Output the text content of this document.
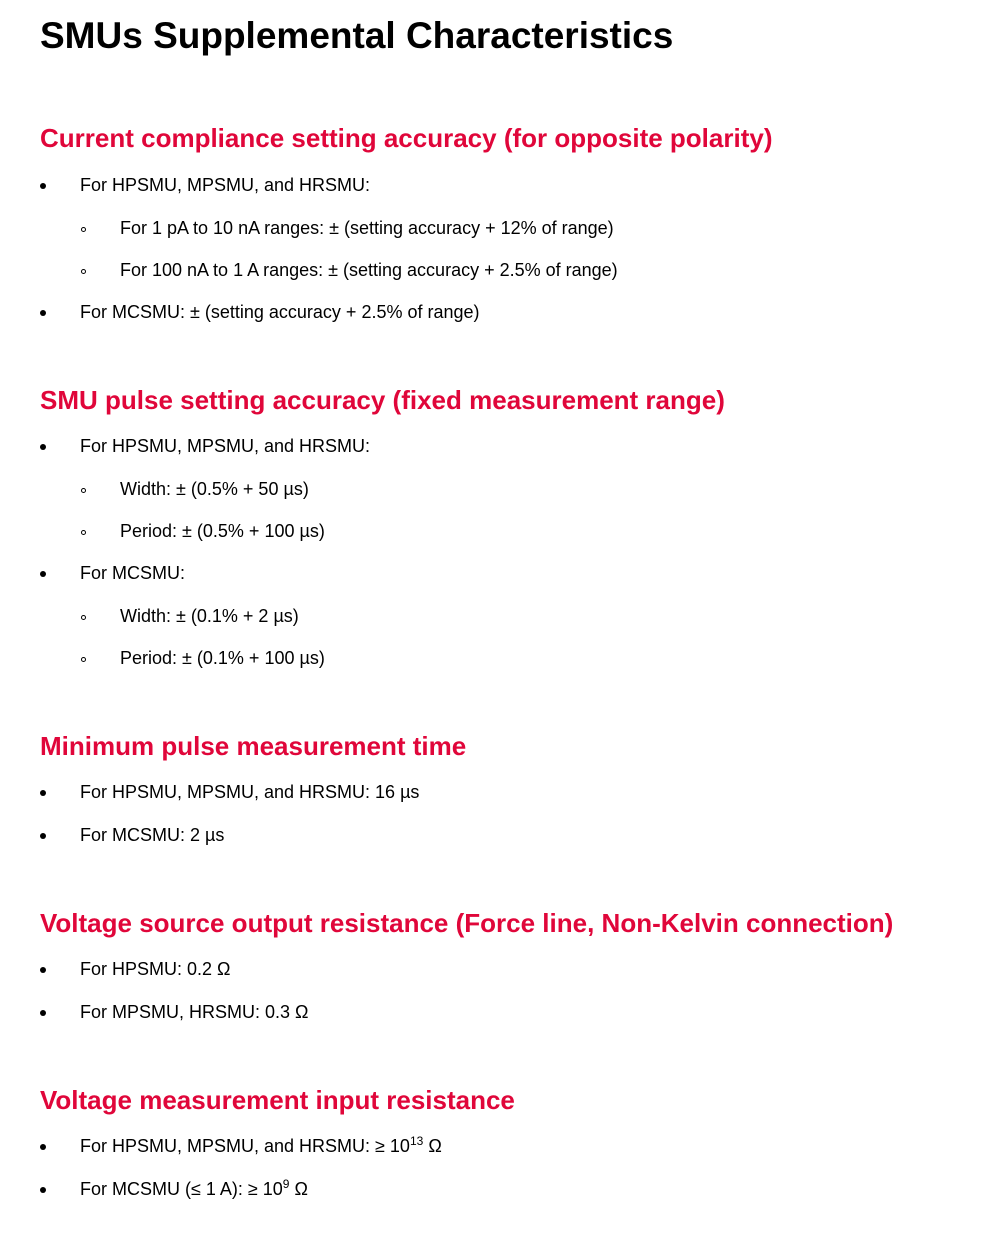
SMUs Supplemental Characteristics
Current compliance setting accuracy (for opposite polarity)
For HPSMU, MPSMU, and HRSMU:
For 1 pA to 10 nA ranges: ± (setting accuracy + 12% of range)
For 100 nA to 1 A ranges: ± (setting accuracy + 2.5% of range)
For MCSMU: ± (setting accuracy + 2.5% of range)
SMU pulse setting accuracy (fixed measurement range)
For HPSMU, MPSMU, and HRSMU:
Width: ± (0.5% + 50 µs)
Period: ± (0.5% + 100 µs)
For MCSMU:
Width: ± (0.1% + 2 µs)
Period: ± (0.1% + 100 µs)
Minimum pulse measurement time
For HPSMU, MPSMU, and HRSMU: 16 µs
For MCSMU: 2 µs
Voltage source output resistance (Force line, Non-Kelvin connection)
For HPSMU: 0.2 Ω
For MPSMU, HRSMU: 0.3 Ω
Voltage measurement input resistance
For HPSMU, MPSMU, and HRSMU: ≥ $10^{13}$ Ω
For MCSMU (≤ 1 A): ≥ $10^9$ Ω
